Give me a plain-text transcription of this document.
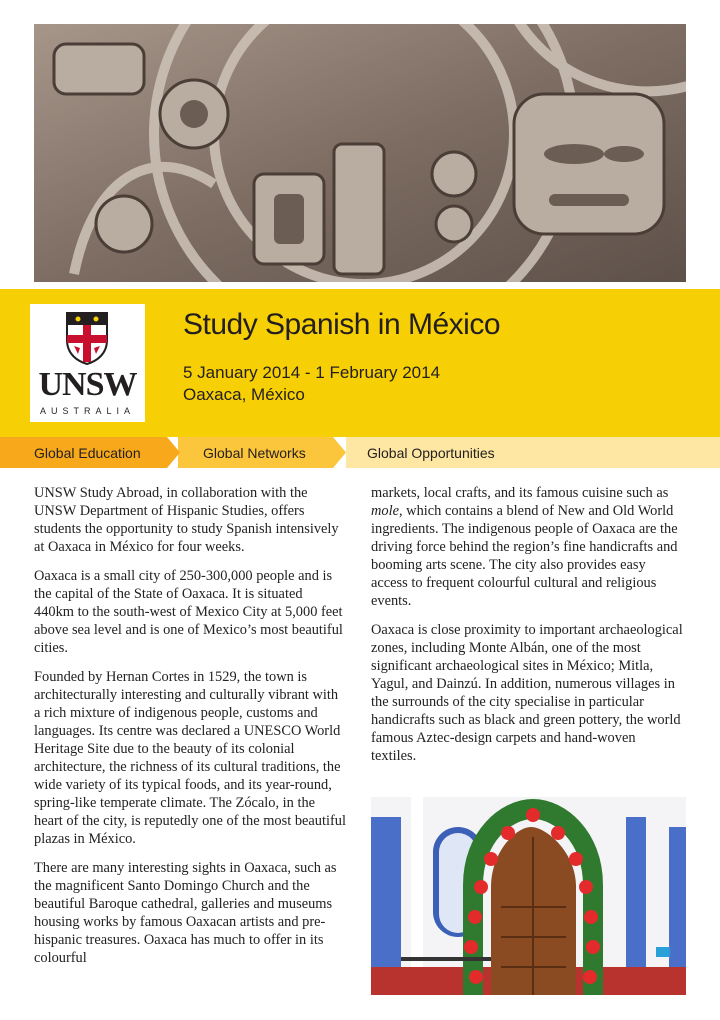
UNSW
AUSTRALIA
Study Spanish in México
5 January 2014 - 1 February 2014
Oaxaca, México
Global Education	Global Networks	Global Opportunities

UNSW Study Abroad, in collaboration with the UNSW Department of Hispanic Studies, offers students the opportunity to study Spanish intensively at Oaxaca in México for four weeks.

Oaxaca is a small city of 250-300,000 people and is the capital of the State of Oaxaca. It is situated 440km to the south-west of Mexico City at 5,000 feet above sea level and is one of Mexico’s most beautiful cities.

Founded by Hernan Cortes in 1529, the town is architecturally interesting and culturally vibrant with a rich mixture of indigenous people, customs and languages. Its centre was declared a UNESCO World Heritage Site due to the beauty of its colonial architecture, the richness of its cultural traditions, the wide variety of its typical foods, and its year-round, spring-like temperate climate. The Zócalo, in the heart of the city, is reputedly one of the most beautiful plazas in México.

There are many interesting sights in Oaxaca, such as the magnificent Santo Domingo Church and the beautiful Baroque cathedral, galleries and museums housing works by famous Oaxacan artists and pre-hispanic treasures. Oaxaca has much to offer in its colourful

markets, local crafts, and its famous cuisine such as mole, which contains a blend of New and Old World ingredients. The indigenous people of Oaxaca are the driving force behind the region’s fine handicrafts and booming arts scene. The city also provides easy access to frequent colourful cultural and religious events.

Oaxaca is close proximity to important archaeological zones, including Monte Albán, one of the most significant archaeological sites in México; Mitla, Yagul, and Dainzú. In addition, numerous villages in the surrounds of the city specialise in particular handicrafts such as black and green pottery, the world famous Aztec-design carpets and hand-woven textiles.
